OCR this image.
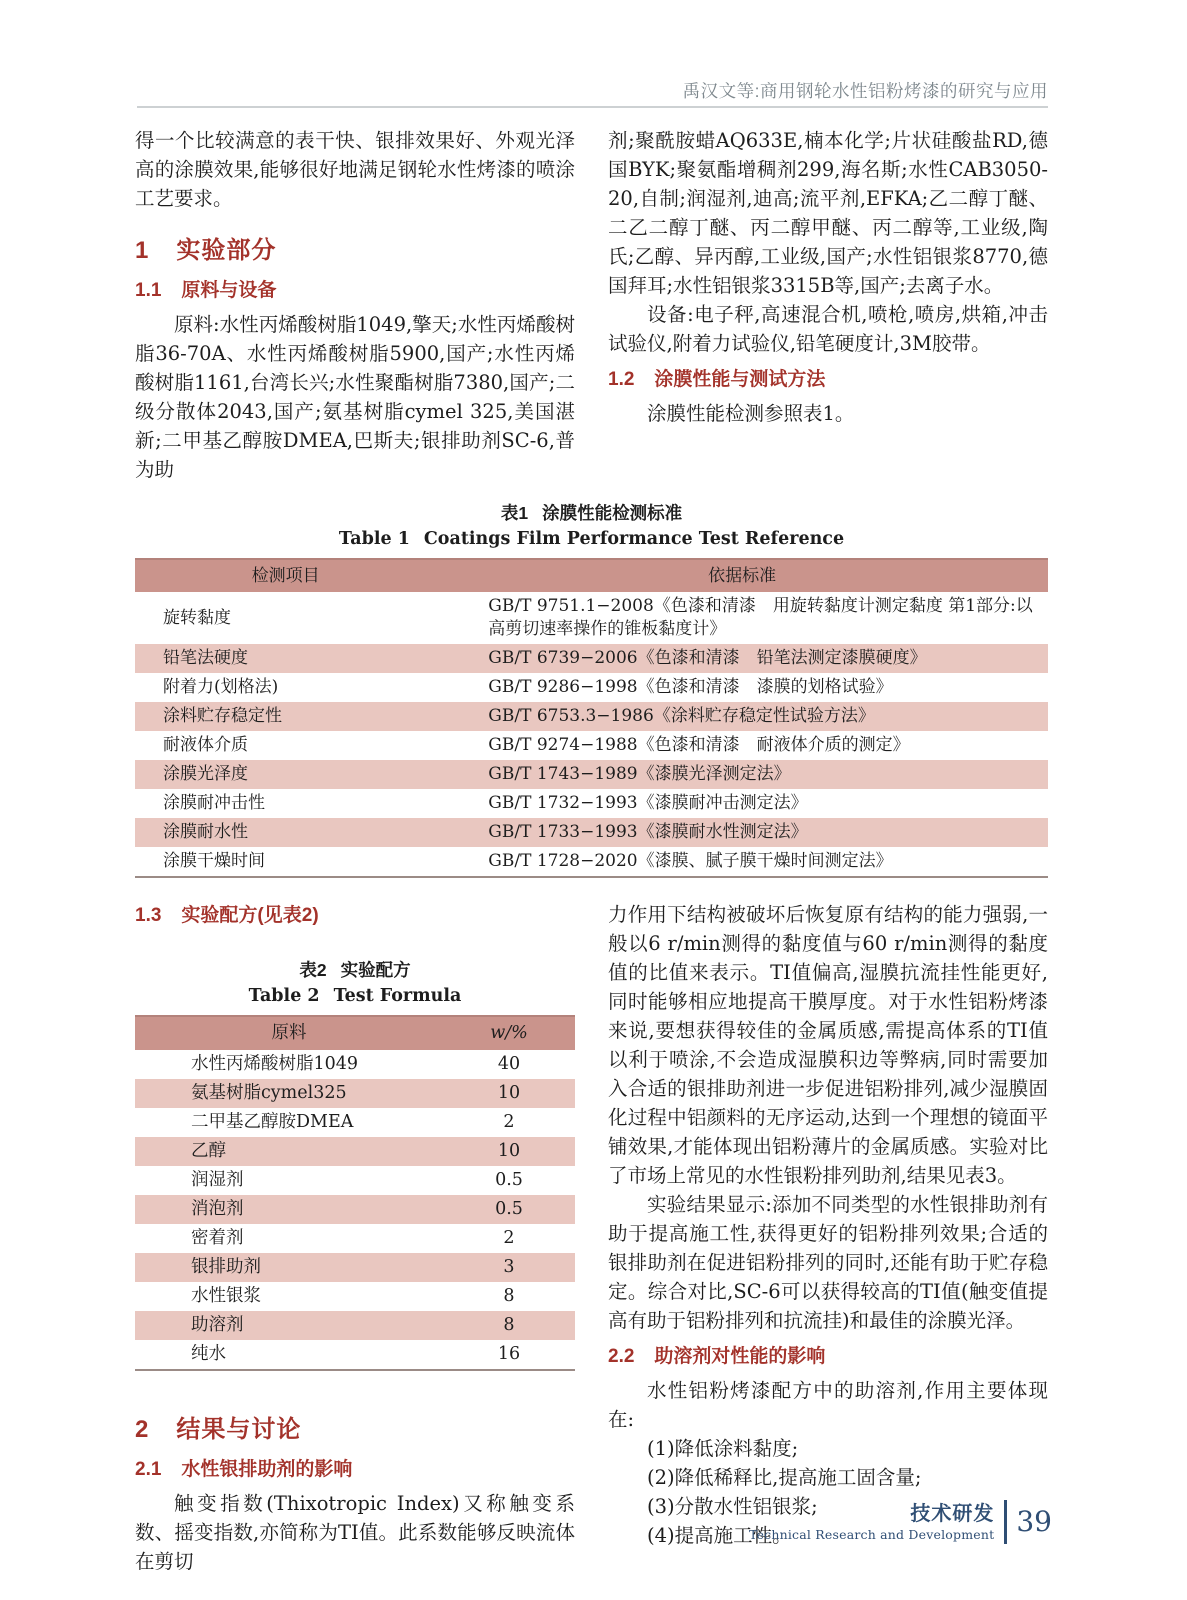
禹汉文等:商用钢轮水性铝粉烤漆的研究与应用

得一个比较满意的表干快、银排效果好、外观光泽高的涂膜效果,能够很好地满足钢轮水性烤漆的喷涂工艺要求。

1 实验部分
1.1 原料与设备

原料:水性丙烯酸树脂1049,擎天;水性丙烯酸树脂36-70A、水性丙烯酸树脂5900,国产;水性丙烯酸树脂1161,台湾长兴;水性聚酯树脂7380,国产;二级分散体2043,国产;氨基树脂cymel 325,美国湛新;二甲基乙醇胺DMEA,巴斯夫;银排助剂SC-6,普为助

剂;聚酰胺蜡AQ633E,楠本化学;片状硅酸盐RD,德国BYK;聚氨酯增稠剂299,海名斯;水性CAB3050-20,自制;润湿剂,迪高;流平剂,EFKA;乙二醇丁醚、二乙二醇丁醚、丙二醇甲醚、丙二醇等,工业级,陶氏;乙醇、异丙醇,工业级,国产;水性铝银浆8770,德国拜耳;水性铝银浆3315B等,国产;去离子水。

设备:电子秤,高速混合机,喷枪,喷房,烘箱,冲击试验仪,附着力试验仪,铅笔硬度计,3M胶带。

1.2 涂膜性能与测试方法

涂膜性能检测参照表1。

表1 涂膜性能检测标准
Table 1 Coatings Film Performance Test Reference
检测项目	依据标准
旋转黏度	GB/T 9751.1−2008《色漆和清漆　用旋转黏度计测定黏度 第1部分:以高剪切速率操作的锥板黏度计》
铅笔法硬度	GB/T 6739−2006《色漆和清漆　铅笔法测定漆膜硬度》
附着力(划格法)	GB/T 9286−1998《色漆和清漆　漆膜的划格试验》
涂料贮存稳定性	GB/T 6753.3−1986《涂料贮存稳定性试验方法》
耐液体介质	GB/T 9274−1988《色漆和清漆　耐液体介质的测定》
涂膜光泽度	GB/T 1743−1989《漆膜光泽测定法》
涂膜耐冲击性	GB/T 1732−1993《漆膜耐冲击测定法》
涂膜耐水性	GB/T 1733−1993《漆膜耐水性测定法》
涂膜干燥时间	GB/T 1728−2020《漆膜、腻子膜干燥时间测定法》
1.3 实验配方(见表2)
表2 实验配方
Table 2 Test Formula
原料	w/%
水性丙烯酸树脂1049	40
氨基树脂cymel325	10
二甲基乙醇胺DMEA	2
乙醇	10
润湿剂	0.5
消泡剂	0.5
密着剂	2
银排助剂	3
水性银浆	8
助溶剂	8
纯水	16
2 结果与讨论
2.1 水性银排助剂的影响

触变指数(Thixotropic Index)又称触变系数、摇变指数,亦简称为TI值。此系数能够反映流体在剪切

力作用下结构被破坏后恢复原有结构的能力强弱,一般以6 r/min测得的黏度值与60 r/min测得的黏度值的比值来表示。TI值偏高,湿膜抗流挂性能更好,同时能够相应地提高干膜厚度。对于水性铝粉烤漆来说,要想获得较佳的金属质感,需提高体系的TI值以利于喷涂,不会造成湿膜积边等弊病,同时需要加入合适的银排助剂进一步促进铝粉排列,减少湿膜固化过程中铝颜料的无序运动,达到一个理想的镜面平铺效果,才能体现出铝粉薄片的金属质感。实验对比了市场上常见的水性银粉排列助剂,结果见表3。

实验结果显示:添加不同类型的水性银排助剂有助于提高施工性,获得更好的铝粉排列效果;合适的银排助剂在促进铝粉排列的同时,还能有助于贮存稳定。综合对比,SC-6可以获得较高的TI值(触变值提高有助于铝粉排列和抗流挂)和最佳的涂膜光泽。

2.2 助溶剂对性能的影响

水性铝粉烤漆配方中的助溶剂,作用主要体现在:

(1)降低涂料黏度;

(2)降低稀释比,提高施工固含量;

(3)分散水性铝银浆;

(4)提高施工性。

技术研发
Technical Research and Development 39
